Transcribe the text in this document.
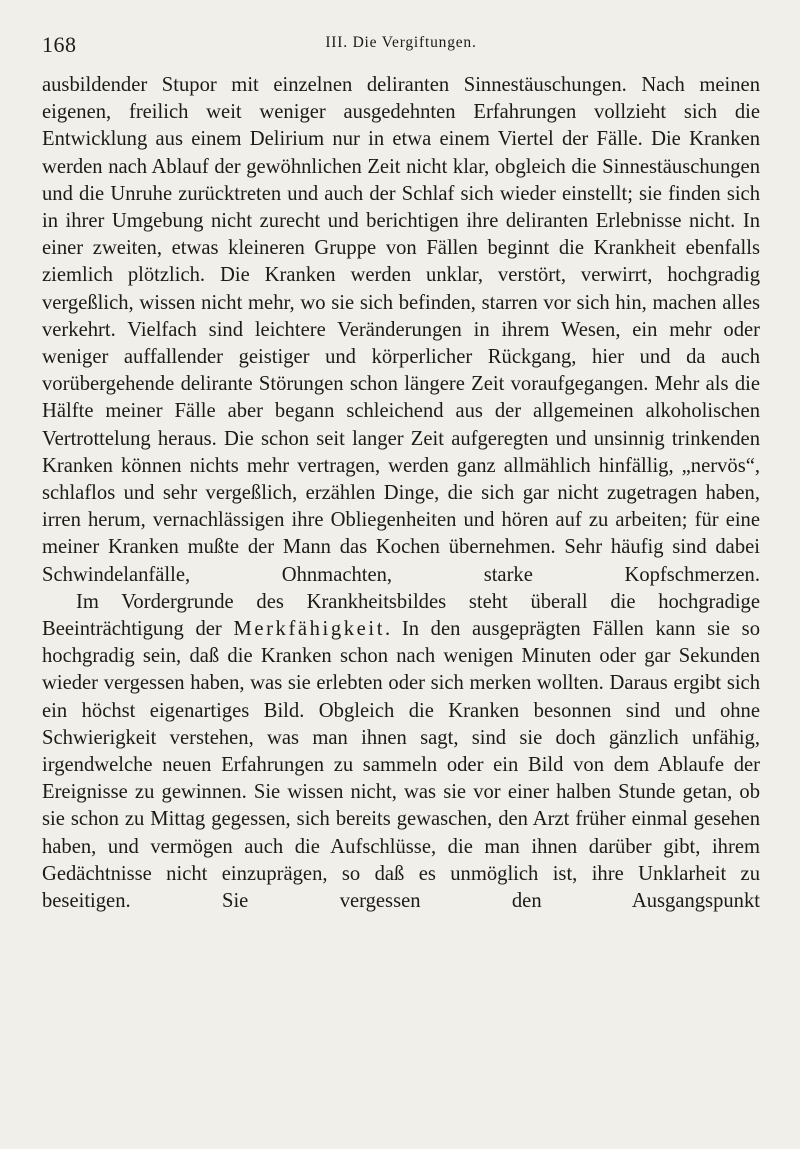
168	III. Die Vergiftungen.

ausbildender Stupor mit einzelnen deliranten Sinnestäuschungen. Nach meinen eigenen, freilich weit weniger ausgedehnten Erfahrungen vollzieht sich die Entwicklung aus einem Delirium nur in etwa einem Viertel der Fälle. Die Kranken werden nach Ablauf der gewöhnlichen Zeit nicht klar, obgleich die Sinnestäuschungen und die Unruhe zurücktreten und auch der Schlaf sich wieder einstellt; sie finden sich in ihrer Umgebung nicht zurecht und berichtigen ihre deliranten Erlebnisse nicht. In einer zweiten, etwas kleineren Gruppe von Fällen beginnt die Krankheit ebenfalls ziemlich plötzlich. Die Kranken werden unklar, verstört, verwirrt, hochgradig vergeßlich, wissen nicht mehr, wo sie sich befinden, starren vor sich hin, machen alles verkehrt. Vielfach sind leichtere Veränderungen in ihrem Wesen, ein mehr oder weniger auffallender geistiger und körperlicher Rückgang, hier und da auch vorübergehende delirante Störungen schon längere Zeit voraufgegangen. Mehr als die Hälfte meiner Fälle aber begann schleichend aus der allgemeinen alkoholischen Vertrottelung heraus. Die schon seit langer Zeit aufgeregten und unsinnig trinkenden Kranken können nichts mehr vertragen, werden ganz allmählich hinfällig, „nervös“, schlaflos und sehr vergeßlich, erzählen Dinge, die sich gar nicht zugetragen haben, irren herum, vernachlässigen ihre Obliegenheiten und hören auf zu arbeiten; für eine meiner Kranken mußte der Mann das Kochen übernehmen. Sehr häufig sind dabei Schwindelanfälle, Ohnmachten, starke Kopfschmerzen.

Im Vordergrunde des Krankheitsbildes steht überall die hochgradige Beeinträchtigung der Merkfähigkeit. In den ausgeprägten Fällen kann sie so hochgradig sein, daß die Kranken schon nach wenigen Minuten oder gar Sekunden wieder vergessen haben, was sie erlebten oder sich merken wollten. Daraus ergibt sich ein höchst eigenartiges Bild. Obgleich die Kranken besonnen sind und ohne Schwierigkeit verstehen, was man ihnen sagt, sind sie doch gänzlich unfähig, irgendwelche neuen Erfahrungen zu sammeln oder ein Bild von dem Ablaufe der Ereignisse zu gewinnen. Sie wissen nicht, was sie vor einer halben Stunde getan, ob sie schon zu Mittag gegessen, sich bereits gewaschen, den Arzt früher einmal gesehen haben, und vermögen auch die Aufschlüsse, die man ihnen darüber gibt, ihrem Gedächtnisse nicht einzuprägen, so daß es unmöglich ist, ihre Unklarheit zu beseitigen. Sie vergessen den Ausgangspunkt
